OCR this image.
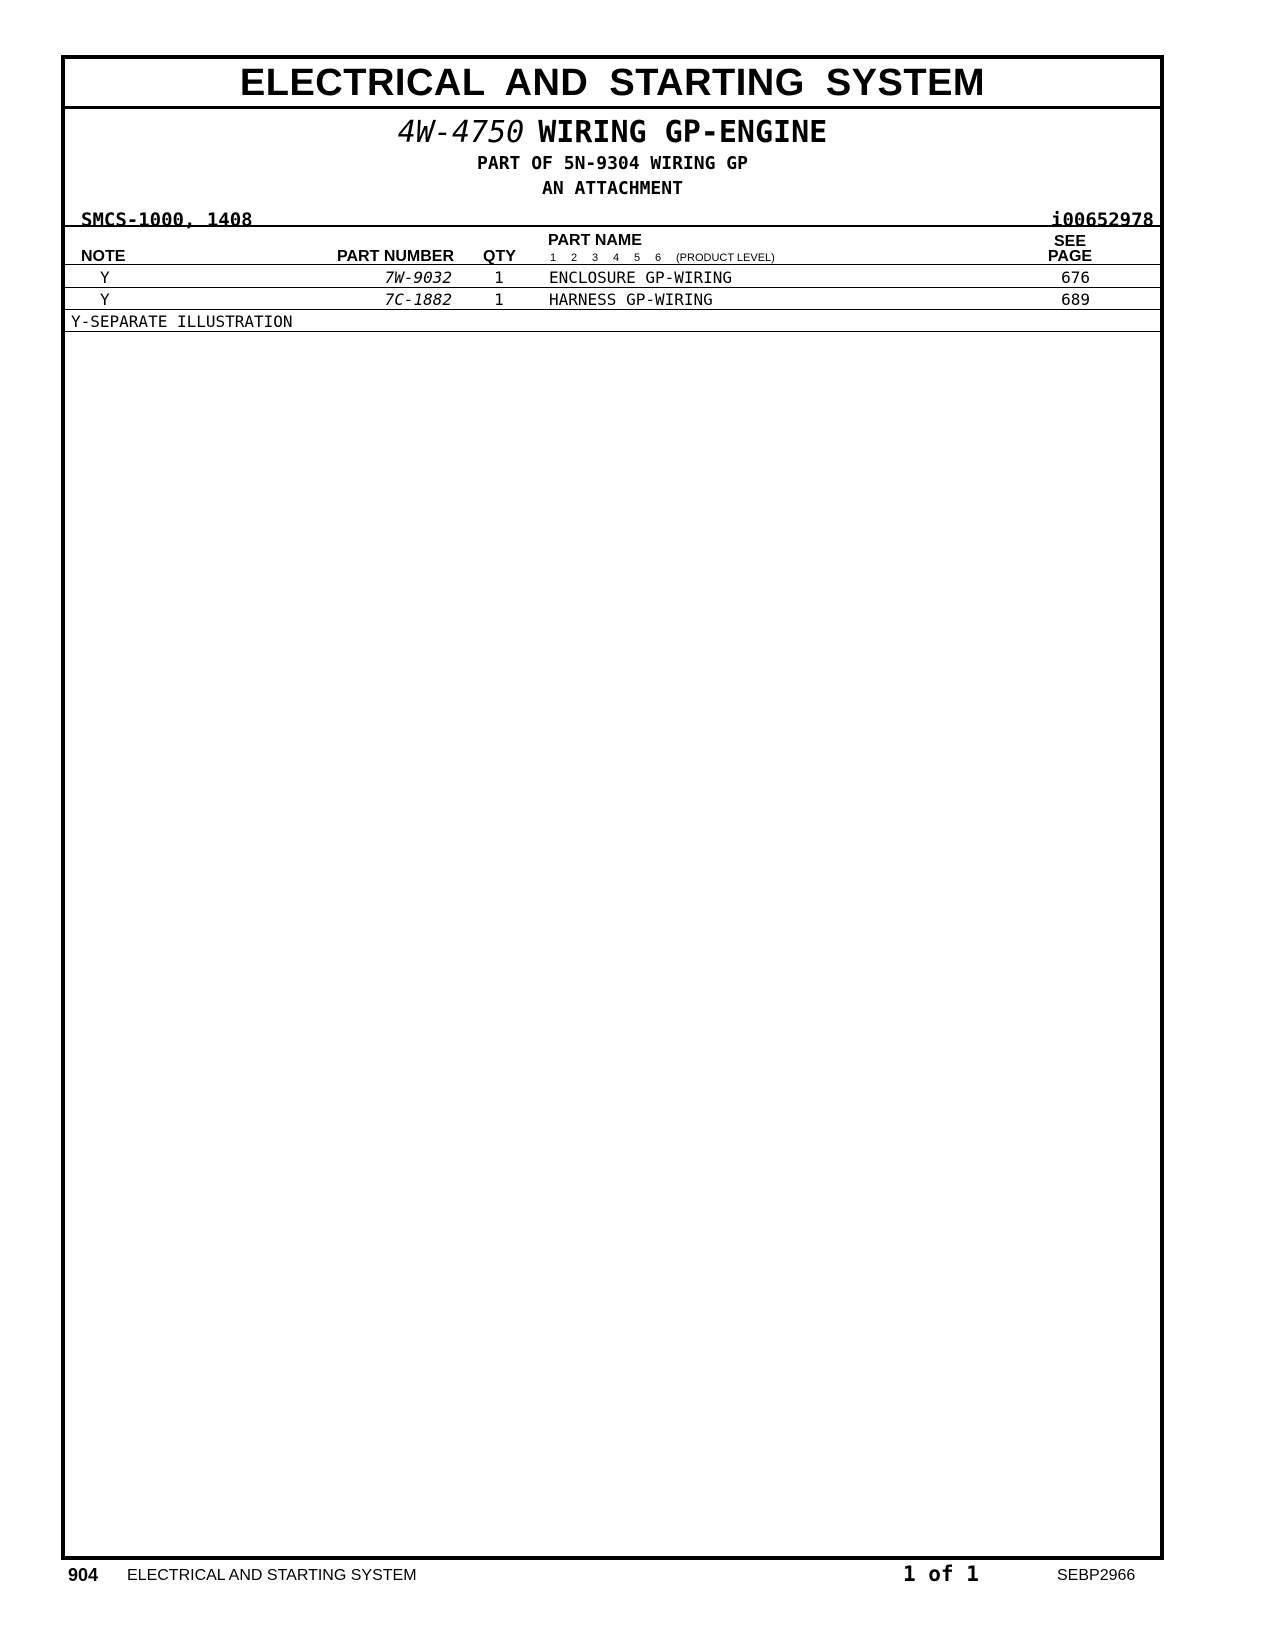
ELECTRICAL AND STARTING SYSTEM
4W-4750 WIRING GP-ENGINE
PART OF 5N-9304 WIRING GP
AN ATTACHMENT
SMCS-1000, 1408	i00652978
NOTE	PART NUMBER QTY
PART NAME
1 2 3 4 5 6 (PRODUCT LEVEL)
SEE
PAGE
Y	7W-9032	1	ENCLOSURE GP-WIRING	676
Y	7C-1882	1	HARNESS GP-WIRING	689
Y-SEPARATE ILLUSTRATION
904 ELECTRICAL AND STARTING SYSTEM	1 of 1	SEBP2966
